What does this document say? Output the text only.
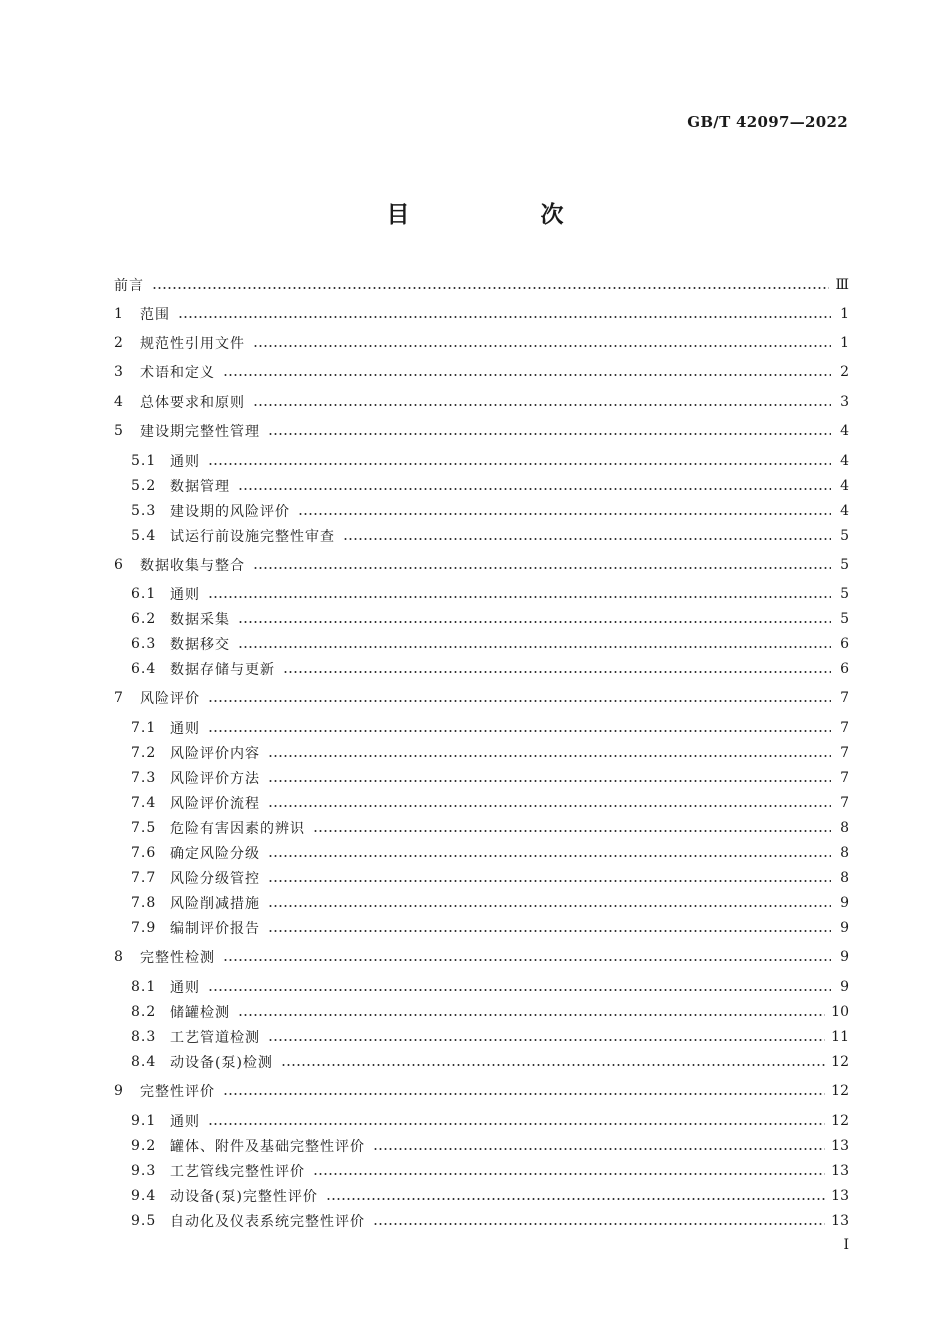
GB/T 42097—2022
目　次
前言	Ⅲ
1	范围	1
2	规范性引用文件	1
3	术语和定义	2
4	总体要求和原则	3
5	建设期完整性管理	4
5.1 通则	4
5.2 数据管理	4
5.3 建设期的风险评价	4
5.4 试运行前设施完整性审查	5
6	数据收集与整合	5
6.1 通则	5
6.2 数据采集	5
6.3 数据移交	6
6.4 数据存储与更新	6
7	风险评价	7
7.1 通则	7
7.2 风险评价内容	7
7.3 风险评价方法	7
7.4 风险评价流程	7
7.5 危险有害因素的辨识	8
7.6 确定风险分级	8
7.7 风险分级管控	8
7.8 风险削减措施	9
7.9 编制评价报告	9
8	完整性检测	9
8.1 通则	9
8.2 储罐检测	10
8.3 工艺管道检测	11
8.4 动设备(泵)检测	12
9	完整性评价	12
9.1 通则	12
9.2 罐体、附件及基础完整性评价	13
9.3 工艺管线完整性评价	13
9.4 动设备(泵)完整性评价	13
9.5 自动化及仪表系统完整性评价	13
I
